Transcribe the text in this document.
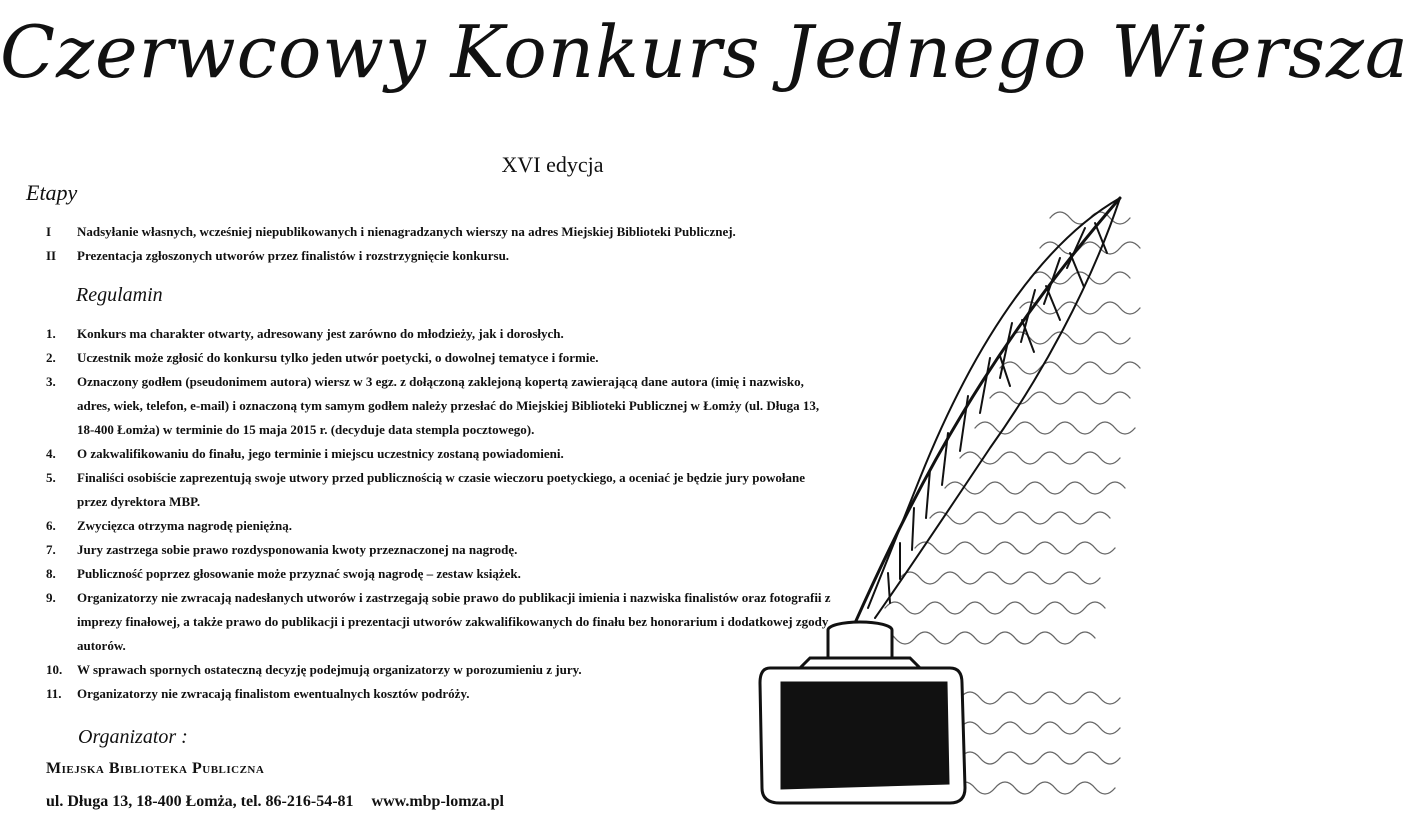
Czerwcowy Konkurs Jednego Wiersza
XVI edycja
Etapy
I	Nadsyłanie własnych, wcześniej niepublikowanych i nienagradzanych wierszy na adres Miejskiej Biblioteki Publicznej.
II	Prezentacja zgłoszonych utworów przez finalistów i rozstrzygnięcie konkursu.
Regulamin
1.	Konkurs ma charakter otwarty, adresowany jest zarówno do młodzieży, jak i dorosłych.
2.	Uczestnik może zgłosić do konkursu tylko jeden utwór poetycki, o dowolnej tematyce i formie.
3.	Oznaczony godłem (pseudonimem autora) wiersz w 3 egz. z dołączoną zaklejoną kopertą zawierającą dane autora (imię i nazwisko, adres, wiek, telefon, e-mail) i oznaczoną tym samym godłem należy przesłać do Miejskiej Biblioteki Publicznej w Łomży (ul. Długa 13, 18-400 Łomża) w terminie do 15 maja 2015 r. (decyduje data stempla pocztowego).
4.	O zakwalifikowaniu do finału, jego terminie i miejscu uczestnicy zostaną powiadomieni.
5.	Finaliści osobiście zaprezentują swoje utwory przed publicznością w czasie wieczoru poetyckiego, a oceniać je będzie jury powołane przez dyrektora MBP.
6.	Zwycięzca otrzyma nagrodę pieniężną.
7.	Jury zastrzega sobie prawo rozdysponowania kwoty przeznaczonej na nagrodę.
8.	Publiczność poprzez głosowanie może przyznać swoją nagrodę – zestaw książek.
9.	Organizatorzy nie zwracają nadesłanych utworów i zastrzegają sobie prawo do publikacji imienia i nazwiska finalistów oraz fotografii z imprezy finałowej, a także prawo do publikacji i prezentacji utworów zakwalifikowanych do finału bez honorarium i dodatkowej zgody autorów.
10.	W sprawach spornych ostateczną decyzję podejmują organizatorzy w porozumieniu z jury.
11.	Organizatorzy nie zwracają finalistom ewentualnych kosztów podróży.
Organizator :
Miejska Biblioteka Publiczna
ul. Długa 13, 18-400 Łomża, tel. 86-216-54-81 www.mbp-lomza.pl
